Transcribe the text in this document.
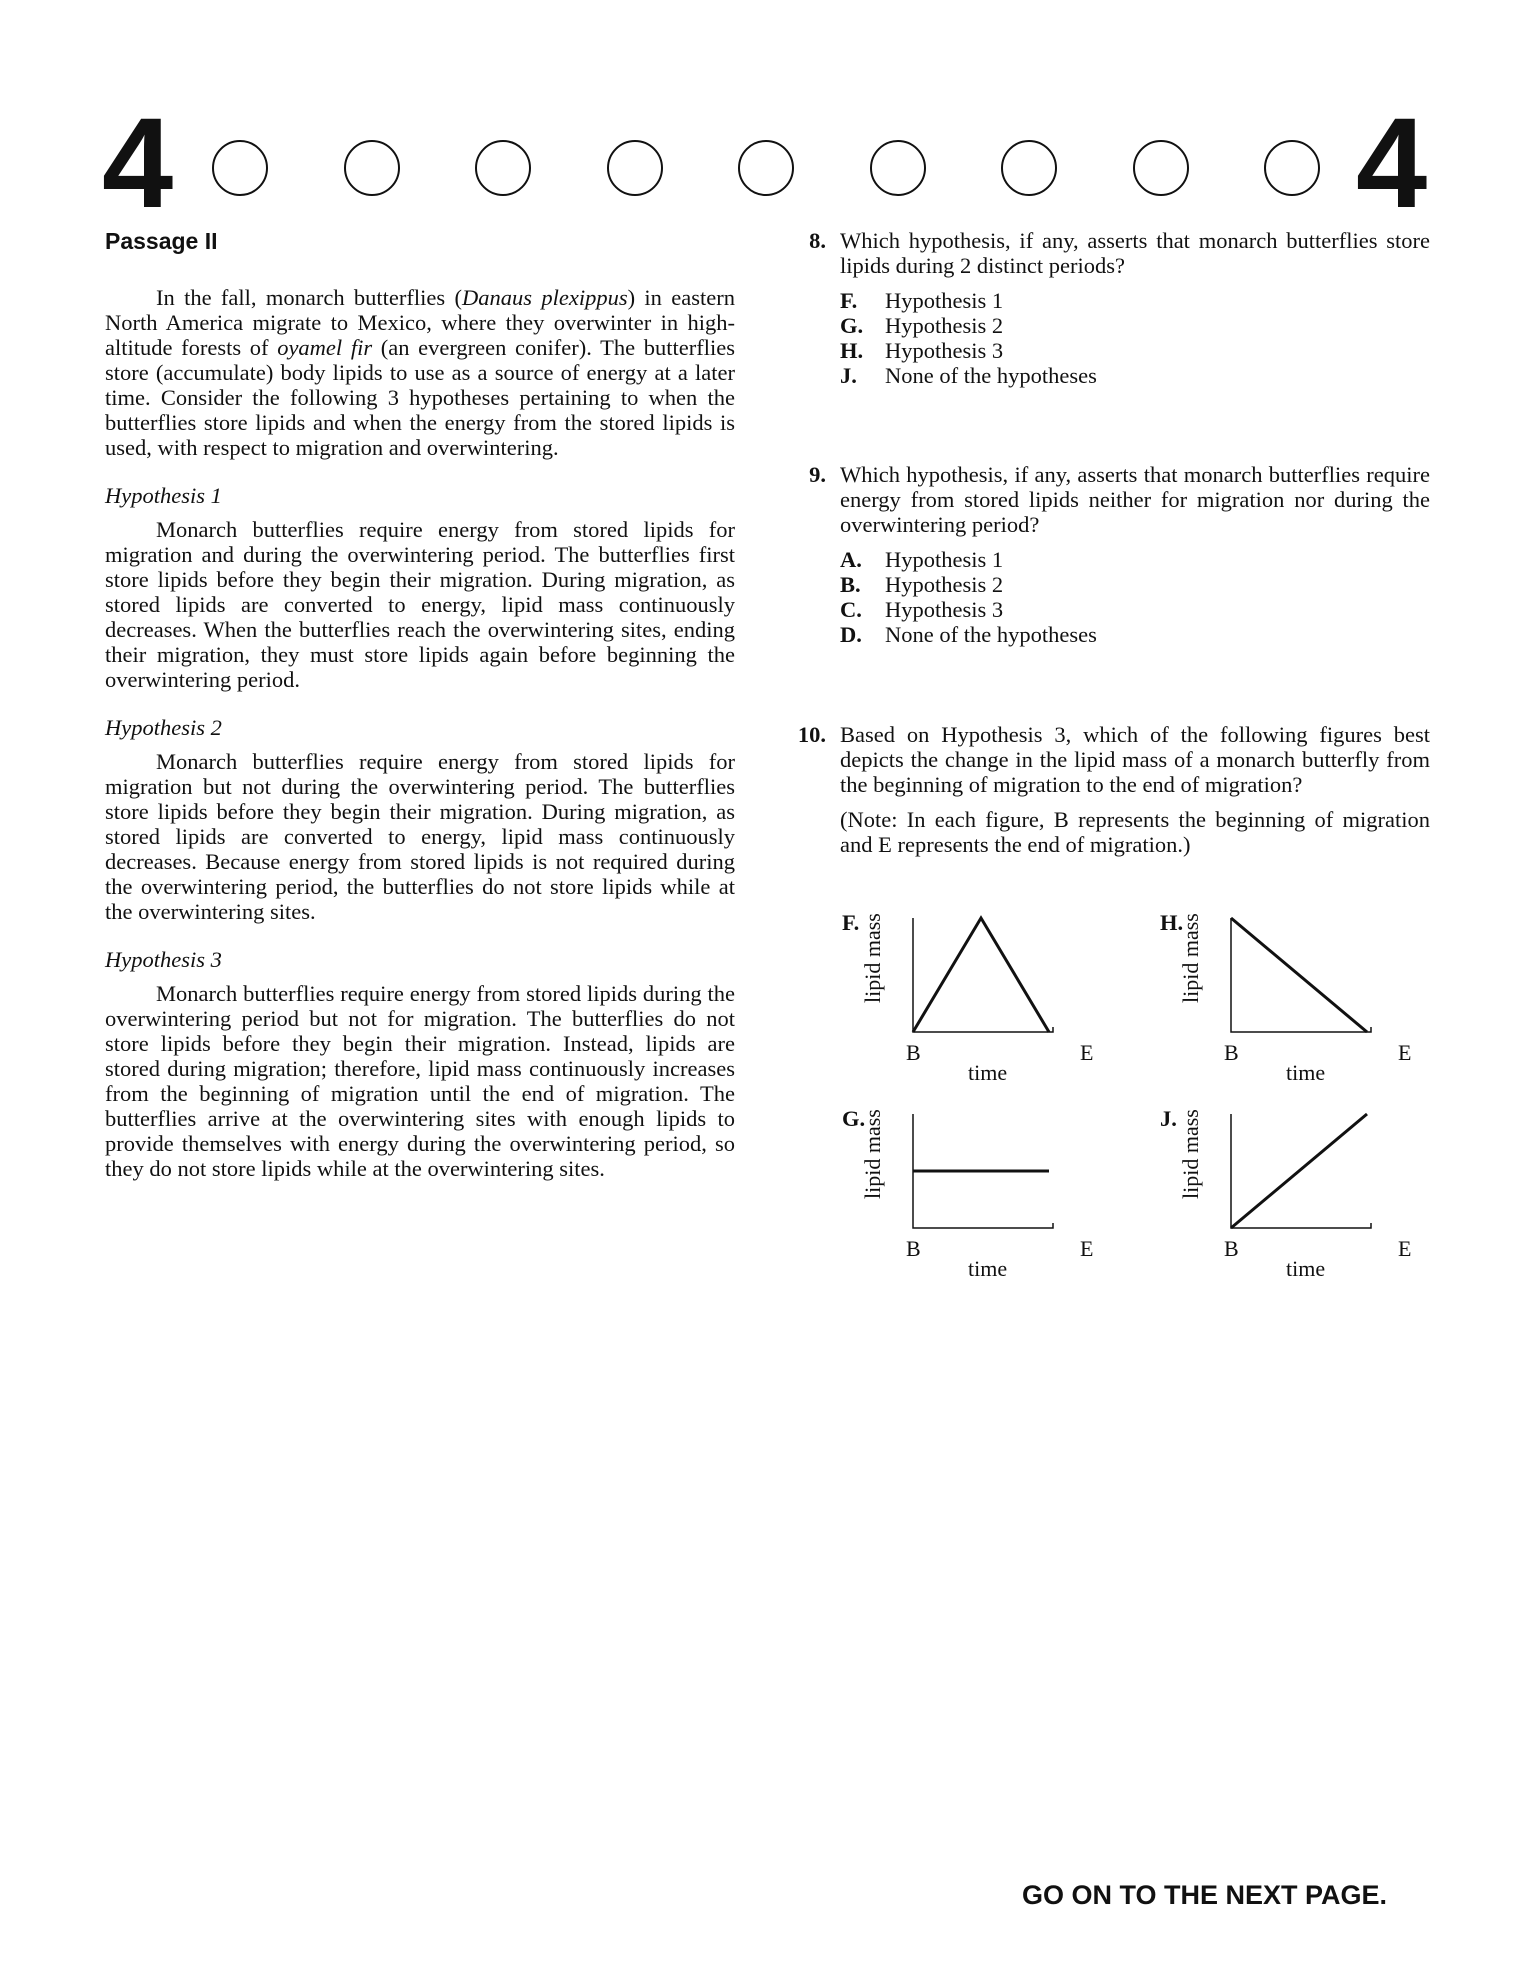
4	4
Passage II

In the fall, monarch butterflies (Danaus plexippus) in eastern North America migrate to Mexico, where they overwinter in high-altitude forests of oyamel fir (an evergreen conifer). The butterflies store (accumulate) body lipids to use as a source of energy at a later time. Consider the following 3 hypotheses pertaining to when the butterflies store lipids and when the energy from the stored lipids is used, with respect to migration and overwintering.

Hypothesis 1

Monarch butterflies require energy from stored lipids for migration and during the overwintering period. The butterflies first store lipids before they begin their migration. During migration, as stored lipids are converted to energy, lipid mass continuously decreases. When the butterflies reach the overwintering sites, ending their migration, they must store lipids again before beginning the overwintering period.

Hypothesis 2

Monarch butterflies require energy from stored lipids for migration but not during the overwintering period. The butterflies store lipids before they begin their migration. During migration, as stored lipids are converted to energy, lipid mass continuously decreases. Because energy from stored lipids is not required during the overwintering period, the butterflies do not store lipids while at the overwintering sites.

Hypothesis 3

Monarch butterflies require energy from stored lipids during the overwintering period but not for migration. The butterflies do not store lipids before they begin their migration. Instead, lipids are stored during migration; therefore, lipid mass continuously increases from the beginning of migration until the end of migration. The butterflies arrive at the overwintering sites with enough lipids to provide themselves with energy during the overwintering period, so they do not store lipids while at the overwintering sites.

8. Which hypothesis, if any, asserts that monarch butterflies store lipids during 2 distinct periods?
F.	Hypothesis 1
G. Hypothesis 2
H. Hypothesis 3
J.	None of the hypotheses
9. Which hypothesis, if any, asserts that monarch butterflies require energy from stored lipids neither for migration nor during the overwintering period?
A.	Hypothesis 1
B.	Hypothesis 2
C.	Hypothesis 3
D.	None of the hypotheses
10. Based on Hypothesis 3, which of the following figures best depicts the change in the lipid mass of a monarch butterfly from the beginning of migration to the end of migration?
(Note: In each figure, B represents the beginning of migration and E represents the end of migration.)
F. lipid mass
B	E
time
H.
lipid mass
B	E
time
G.
lipid mass
B	E
time
J. lipid mass
B	E
time
GO ON TO THE NEXT PAGE.
